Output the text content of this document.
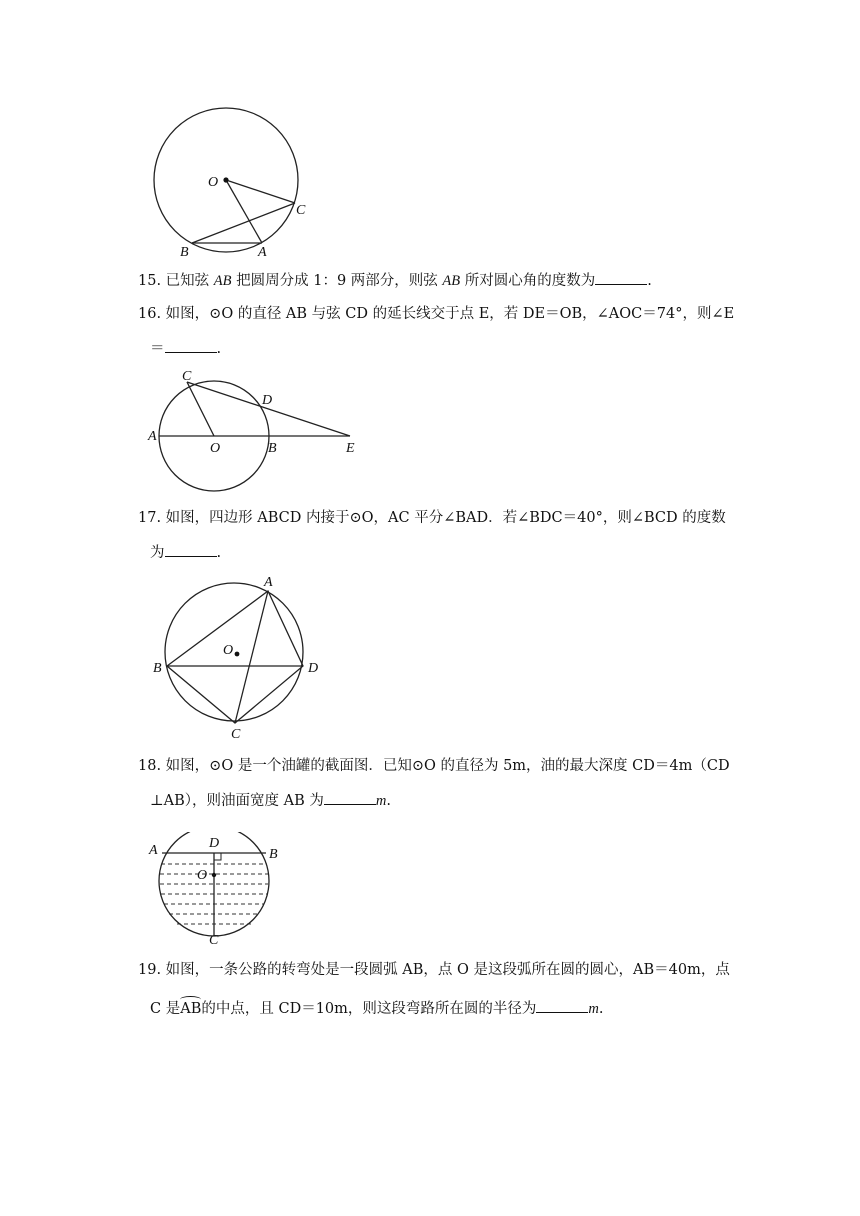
O
C
B	A
15. 已知弦 AB 把圆周分成 1：9 两部分，则弦 AB 所对圆心角的度数为	.
16. 如图，⊙O 的直径 AB 与弦 CD 的延长线交于点 E，若 DE＝OB，∠AOC＝74°，则∠E
＝	.
C
D
A
O	B	E
17. 如图，四边形 ABCD 内接于⊙O，AC 平分∠BAD．若∠BDC＝40°，则∠BCD 的度数
为	.
A
O
B	D
C
18. 如图，⊙O 是一个油罐的截面图．已知⊙O 的直径为 5m，油的最大深度 CD＝4m（CD
⊥AB），则油面宽度 AB 为	m.
D
A	B
O
C
19. 如图，一条公路的转弯处是一段圆弧 AB，点 O 是这段弧所在圆的圆心，AB＝40m，点
C 是AB的中点，且 CD＝10m，则这段弯路所在圆的半径为	m.
